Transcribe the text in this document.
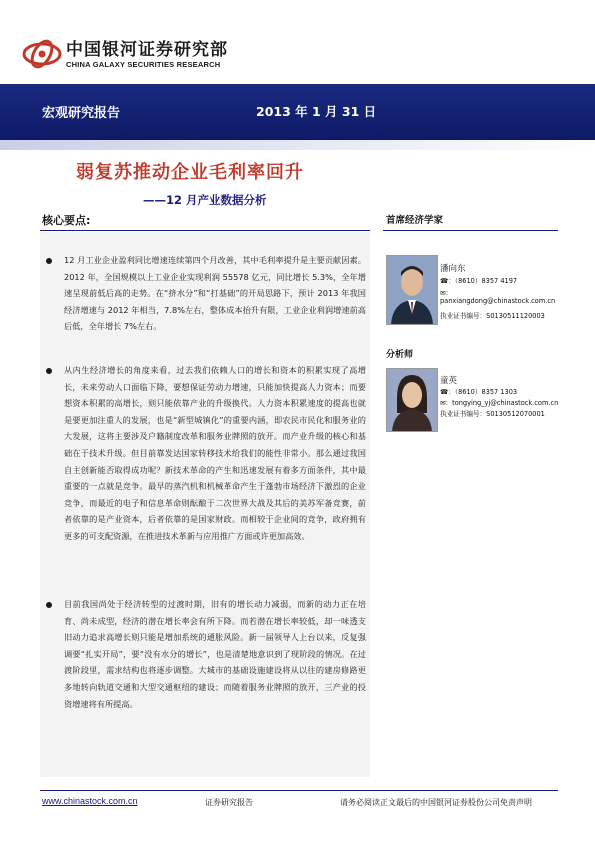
中国银河证券研究部
CHINA GALAXY SECURITIES RESEARCH
宏观研究报告	2013 年 1 月 31 日
弱复苏推动企业毛利率回升
——12 月产业数据分析
核心要点:	首席经济学家
12 月工业企业盈利同比增速连续第四个月改善，其中毛利率提升是主要贡献因素。2012 年，全国规模以上工业企业实现利润 55578 亿元，同比增长 5.3%，全年增速呈现前低后高的走势。在“挤水分”和“打基础”的开局思路下，预计 2013 年我国经济增速与 2012 年相当，7.8%左右，整体成本抬升有限，工业企业利润增速前高后低，全年增长 7%左右。
从内生经济增长的角度来看，过去我们依赖人口的增长和资本的积累实现了高增长，未来劳动人口面临下降，要想保证劳动力增速，只能加快提高人力资本；而要想资本积累的高增长，则只能依靠产业的升级换代。人力资本积累速度的提高也就是要更加注重人的发展，也是“新型城镇化”的重要内涵，即农民市民化和服务业的大发展，这将主要涉及户籍制度改革和服务业牌照的放开。而产业升级的核心和基础在于技术升级。但目前靠发达国家转移技术给我们的能性非常小。那么通过我国自主创新能否取得成功呢？新技术革命的产生和迅速发展有着多方面条件，其中最重要的一点就是竞争。最早的蒸汽机和机械革命产生于蓬勃市场经济下激烈的企业竞争，而最近的电子和信息革命则酝酿于二次世界大战及其后的美苏军备竞赛，前者依靠的是产业资本，后者依靠的是国家财政。而相较于企业间的竞争，政府拥有更多的可支配资源，在推进技术革新与应用推广方面或许更加高效。
目前我国尚处于经济转型的过渡时期，旧有的增长动力减弱，而新的动力正在培育、尚未成型，经济的潜在增长率会有所下降。而若潜在增长率较低，却一味透支旧动力追求高增长则只能是增加系统的通胀风险。新一届领导人上台以来，反复强调要“扎实开局”，要“没有水分的增长”，也是清楚地意识到了现阶段的情况。在过渡阶段里，需求结构也将逐步调整。大城市的基础设施建设将从以往的建房修路更多地转向轨道交通和大型交通枢纽的建设；而随着服务业牌照的放开，三产业的投资增速将有所提高。
潘向东
☎：（8610）8357 4197
✉：
panxiangdong@chinastock.com.cn
执业证书编号：S0130511120003
分析师
童英
☎：（8610）8357 1303
✉：tongying_yj@chinastock.com.cn
执业证书编号：S0130512070001
www.chinastock.com.cn	证券研究报告	请务必阅读正文最后的中国银河证券股份公司免责声明
